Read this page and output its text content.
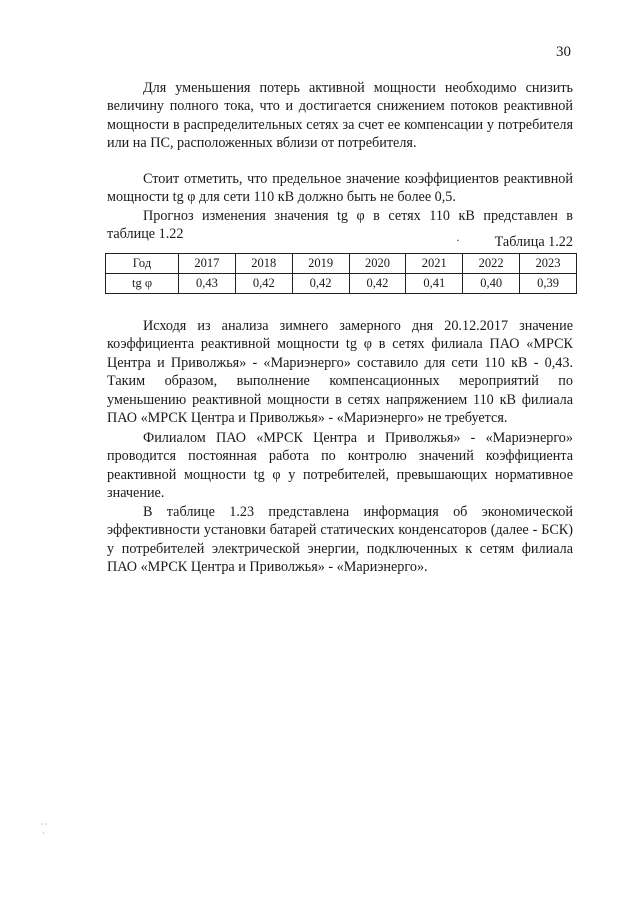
30

Для уменьшения потерь активной мощности необходимо снизить величину полного тока, что и достигается снижением потоков реактивной мощности в распределительных сетях за счет ее компенсации у потребителя или на ПС, расположенных вблизи от потребителя.

Стоит отметить, что предельное значение коэффициентов реактивной мощности tg φ для сети 110 кВ должно быть не более 0,5.

Прогноз изменения значения tg φ в сетях 110 кВ представлен в таблице 1.22	·	Таблица 1.22
Год	2017	2018	2019	2020	2021	2022	2023
tg φ	0,43	0,42	0,42	0,42	0,41	0,40	0,39

Исходя из анализа зимнего замерного дня 20.12.2017 значение коэффициента реактивной мощности tg φ в сетях филиала ПАО «МРСК Центра и Приволжья» - «Мариэнерго» составило для сети 110 кВ - 0,43. Таким образом, выполнение компенсационных мероприятий по уменьшению реактивной мощности в сетях напряжением 110 кВ филиала ПАО «МРСК Центра и Приволжья» - «Мариэнерго» не требуется.

Филиалом ПАО «МРСК Центра и Приволжья» - «Мариэнерго» проводится постоянная работа по контролю значений коэффициента реактивной мощности tg φ у потребителей, превышающих нормативное значение.

В таблице 1.23 представлена информация об экономической эффективности установки батарей статических конденсаторов (далее - БСК) у потребителей электрической энергии, подключенных к сетям филиала ПАО «МРСК Центра и Приволжья» - «Мариэнерго».

· ·
·
